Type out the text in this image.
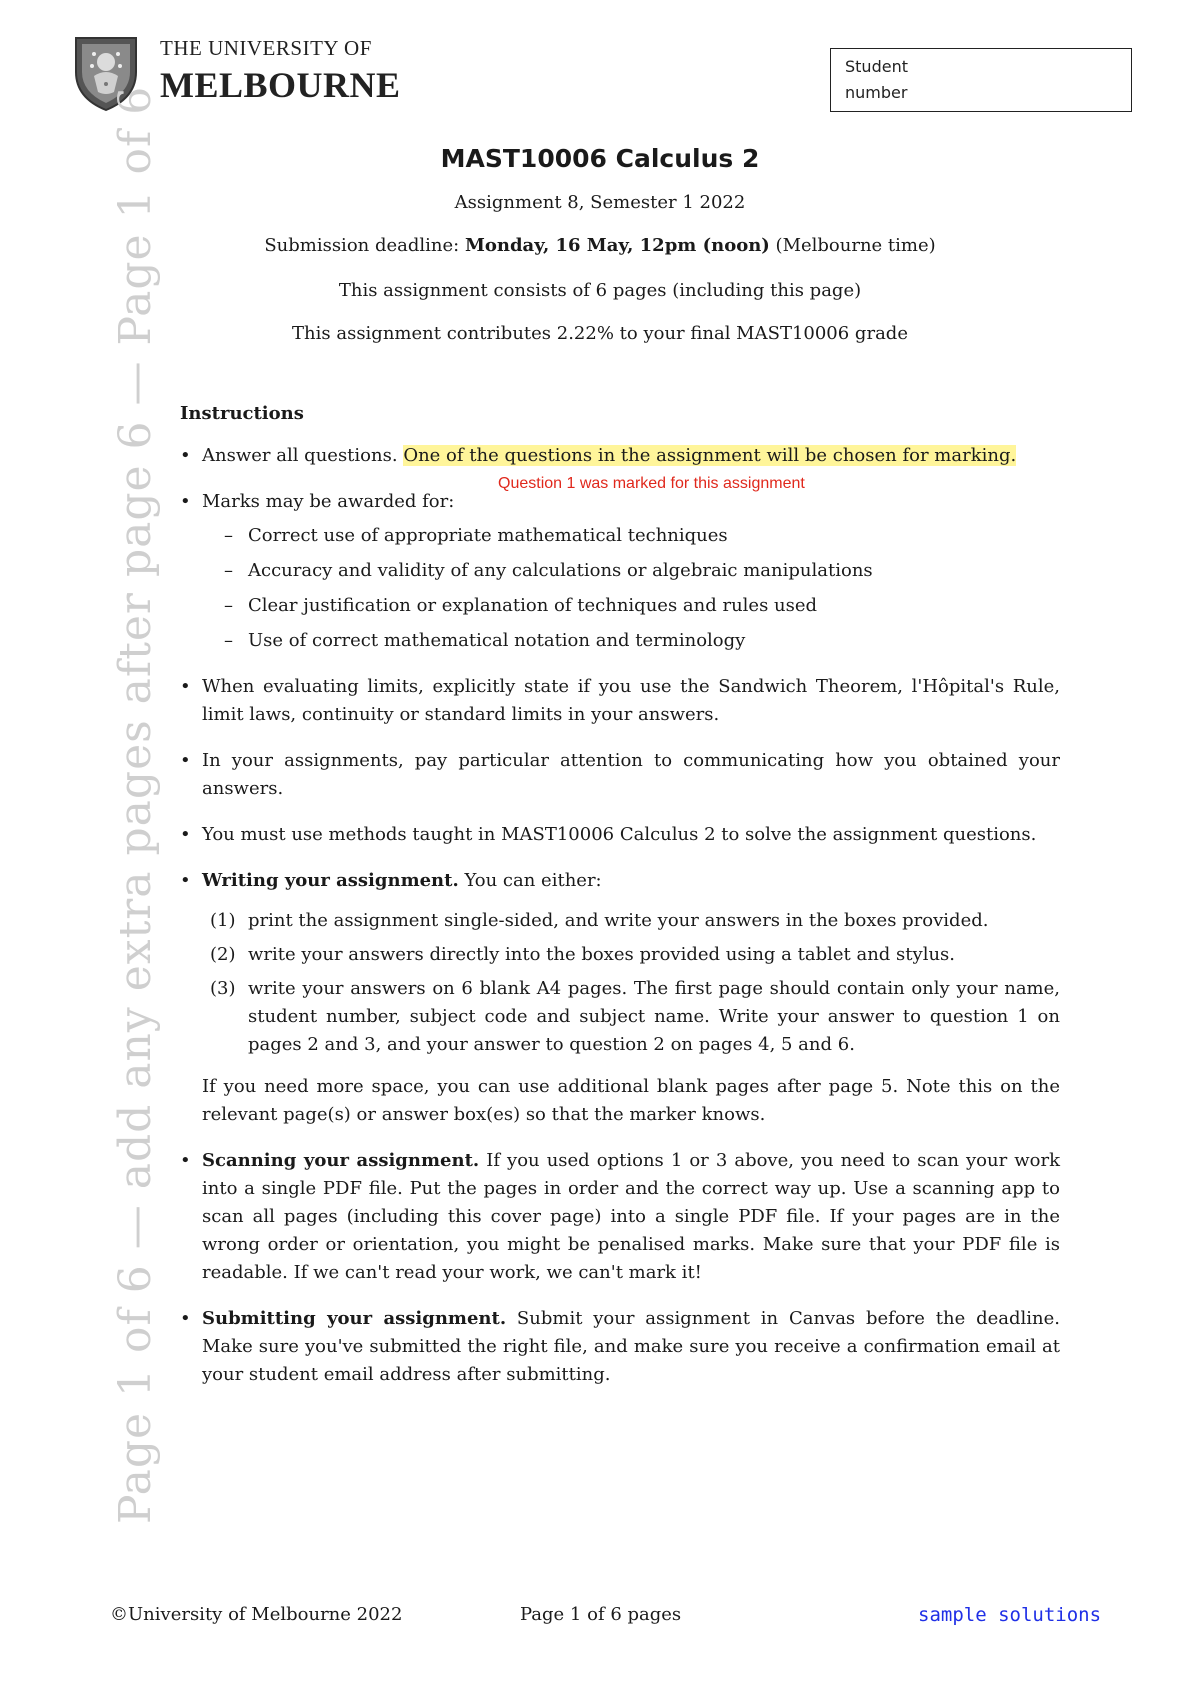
THE UNIVERSITY OF
MELBOURNE	Student
number
Page 1 of 6 — add any extra pages after page 6 — Page 1 of 6	MAST10006 Calculus 2
Assignment 8, Semester 1 2022
Submission deadline: Monday, 16 May, 12pm (noon) (Melbourne time)
This assignment consists of 6 pages (including this page)
This assignment contributes 2.22% to your final MAST10006 grade
Question 1 was marked for this assignment
Instructions
• Answer all questions. One of the questions in the assignment will be chosen for marking.
• Marks may be awarded for:
– Correct use of appropriate mathematical techniques
– Accuracy and validity of any calculations or algebraic manipulations
– Clear justification or explanation of techniques and rules used
– Use of correct mathematical notation and terminology
• When evaluating limits, explicitly state if you use the Sandwich Theorem, l'Hôpital's Rule, limit laws, continuity or standard limits in your answers.
• In your assignments, pay particular attention to communicating how you obtained your answers.
• You must use methods taught in MAST10006 Calculus 2 to solve the assignment questions.
• Writing your assignment. You can either:
(1) print the assignment single-sided, and write your answers in the boxes provided.
(2) write your answers directly into the boxes provided using a tablet and stylus.
(3) write your answers on 6 blank A4 pages. The first page should contain only your name, student number, subject code and subject name. Write your answer to question 1 on pages 2 and 3, and your answer to question 2 on pages 4, 5 and 6.

If you need more space, you can use additional blank pages after page 5. Note this on the relevant page(s) or answer box(es) so that the marker knows.

• Scanning your assignment. If you used options 1 or 3 above, you need to scan your work into a single PDF file. Put the pages in order and the correct way up. Use a scanning app to scan all pages (including this cover page) into a single PDF file. If your pages are in the wrong order or orientation, you might be penalised marks. Make sure that your PDF file is readable. If we can't read your work, we can't mark it!
• Submitting your assignment. Submit your assignment in Canvas before the deadline. Make sure you've submitted the right file, and make sure you receive a confirmation email at your student email address after submitting.
©University of Melbourne 2022	Page 1 of 6 pages	sample solutions
